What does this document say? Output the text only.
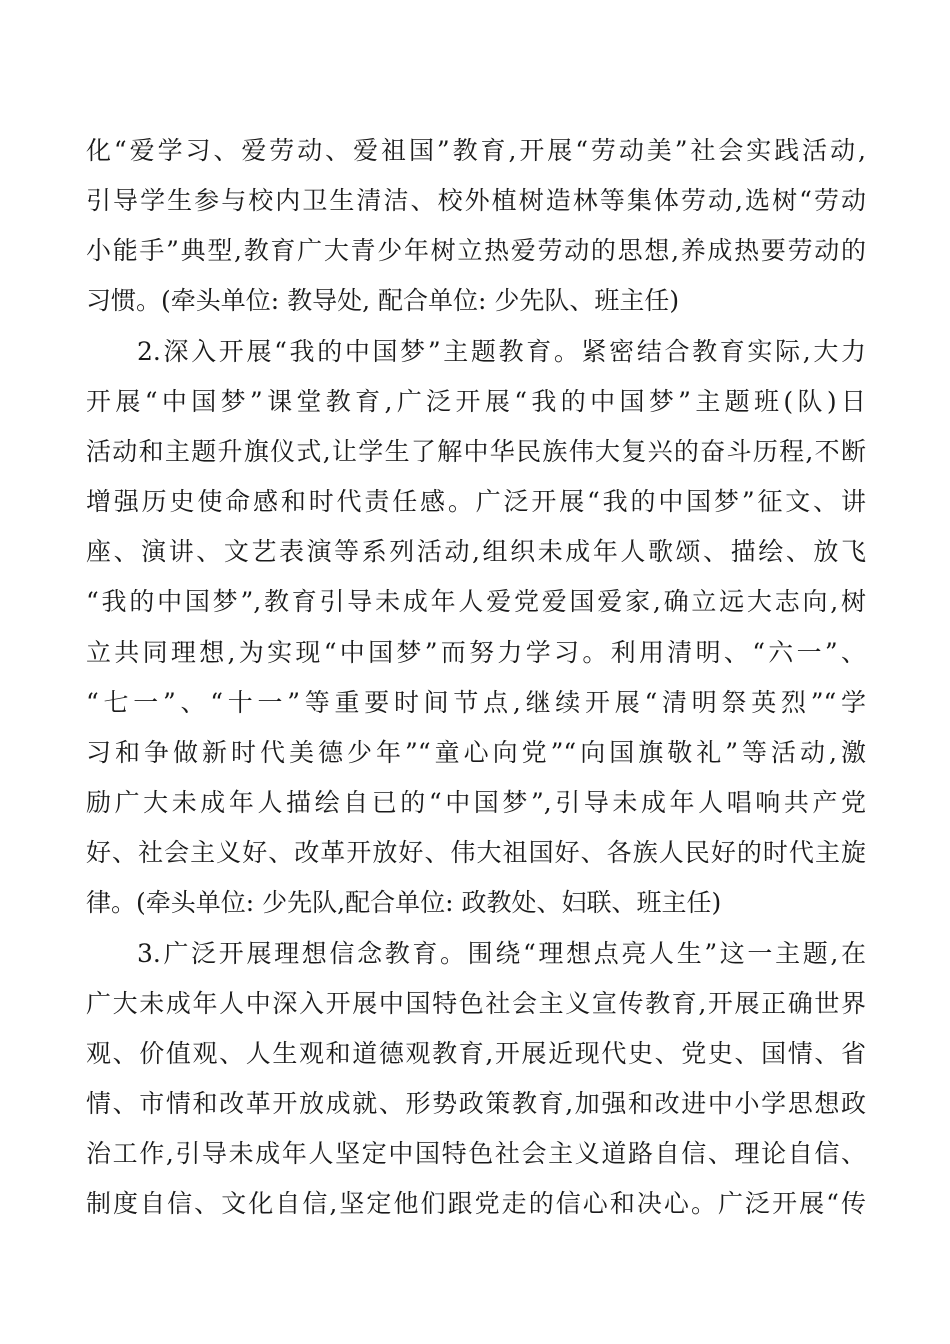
化“爱学习、爱劳动、爱祖国”教育,开展“劳动美”社会实践活动,
引导学生参与校内卫生清洁、校外植树造林等集体劳动,选树“劳动
小能手”典型,教育广大青少年树立热爱劳动的思想,养成热要劳动的
习惯。(牵头单位: 教导处, 配合单位: 少先队、班主任)
2.深入开展“我的中国梦”主题教育。紧密结合教育实际,大力
开展“中国梦”课堂教育,广泛开展“我的中国梦”主题班(队)日
活动和主题升旗仪式,让学生了解中华民族伟大复兴的奋斗历程,不断
增强历史使命感和时代责任感。广泛开展“我的中国梦”征文、讲
座、演讲、文艺表演等系列活动,组织未成年人歌颂、描绘、放飞
“我的中国梦”,教育引导未成年人爱党爱国爱家,确立远大志向,树
立共同理想,为实现“中国梦”而努力学习。利用清明、“六一”、
“七一”、“十一”等重要时间节点,继续开展“清明祭英烈”“学
习和争做新时代美德少年”“童心向党”“向国旗敬礼”等活动,激
励广大未成年人描绘自已的“中国梦”,引导未成年人唱响共产党
好、社会主义好、改革开放好、伟大祖国好、各族人民好的时代主旋
律。(牵头单位: 少先队,配合单位: 政教处、妇联、班主任)
3.广泛开展理想信念教育。围绕“理想点亮人生”这一主题,在
广大未成年人中深入开展中国特色社会主义宣传教育,开展正确世界
观、价值观、人生观和道德观教育,开展近现代史、党史、国情、省
情、市情和改革开放成就、形势政策教育,加强和改进中小学思想政
治工作,引导未成年人坚定中国特色社会主义道路自信、理论自信、
制度自信、文化自信,坚定他们跟党走的信心和决心。广泛开展“传
